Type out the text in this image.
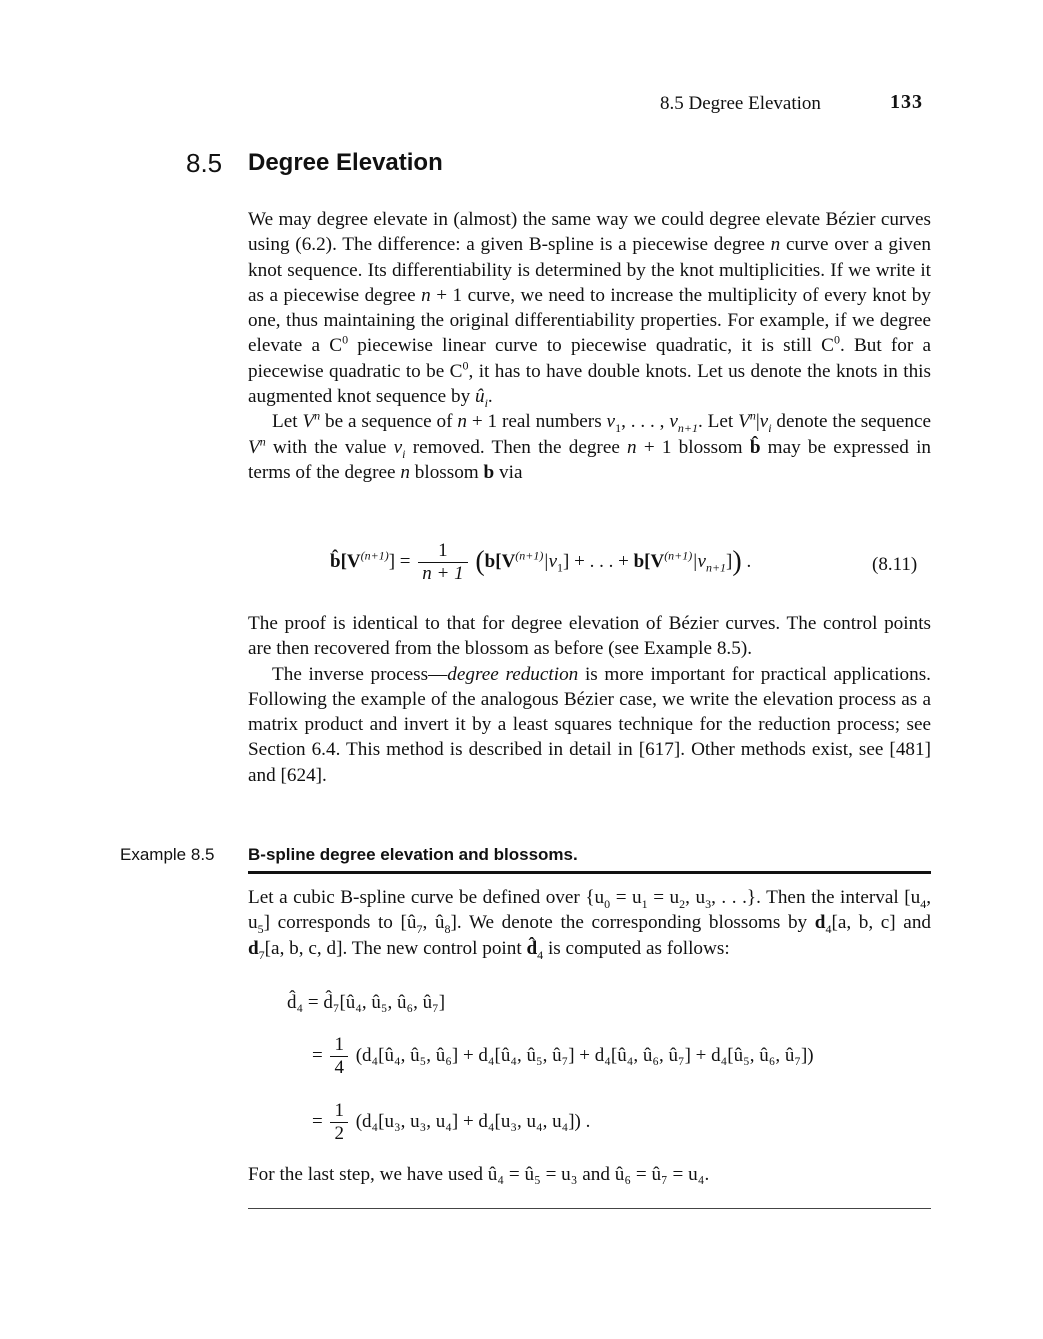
8.5 Degree Elevation	133
8.5 Degree Elevation

We may degree elevate in (almost) the same way we could degree elevate Bézier curves using (6.2). The difference: a given B-spline is a piecewise degree n curve over a given knot sequence. Its differentiability is determined by the knot multiplicities. If we write it as a piecewise degree n + 1 curve, we need to increase the multiplicity of every knot by one, thus maintaining the original differentiability properties. For example, if we degree elevate a $C^0$ piecewise linear curve to piecewise quadratic, it is still $C^0$. But for a piecewise quadratic to be $C^0$, it has to have double knots. Let us denote the knots in this augmented knot sequence by $û_i$.

Let $V^n$ be a sequence of n + 1 real numbers $v_1$, . . . , $v_{n+1}$. Let $V^n|v_i$ denote the sequence $V^n$ with the value $v_i$ removed. Then the degree n + 1 blossom b̂ may be expressed in terms of the degree n blossom b via

$b̂[V^{(n+1)}] = \frac{1}{n + 1} (b[V^{(n+1)}|v_1]$ + . . . + $b[V^{(n+1)}|v_{n+1}]$) .	(8.11)

The proof is identical to that for degree elevation of Bézier curves. The control points are then recovered from the blossom as before (see Example 8.5).

The inverse process—degree reduction is more important for practical applications. Following the example of the analogous Bézier case, we write the elevation process as a matrix product and invert it by a least squares technique for the reduction process; see Section 6.4. This method is described in detail in [617]. Other methods exist, see [481] and [624].

Example 8.5 B-spline degree elevation and blossoms.

Let a cubic B-spline curve be defined over {$u_0 = u_1 = u_2$, $u_3$, . . .}. Then the interval [$u_4$, $u_5$] corresponds to [$û_7$, $û_8$]. We denote the corresponding blossoms by $d_4[a$, b, c] and $d_7[a$, b, c, d]. The new control point $d̂_4$ is computed as follows:

d̂₄ = d̂₇[û₄, û₅, û₆, û₇]
= $\frac{1}{4}$ (d₄[û₄, û₅, û₆] + d₄[û₄, û₅, û₇] + d₄[û₄, û₆, û₇] + d₄[û₅, û₆, û₇])
= $\frac{1}{2} (d_4[u_3$, u₃, u₄] + d₄[u₃, u₄, u₄]) .
For the last step, we have used û₄ = û₅ = u₃ and û₆ = û₇ = u₄.
